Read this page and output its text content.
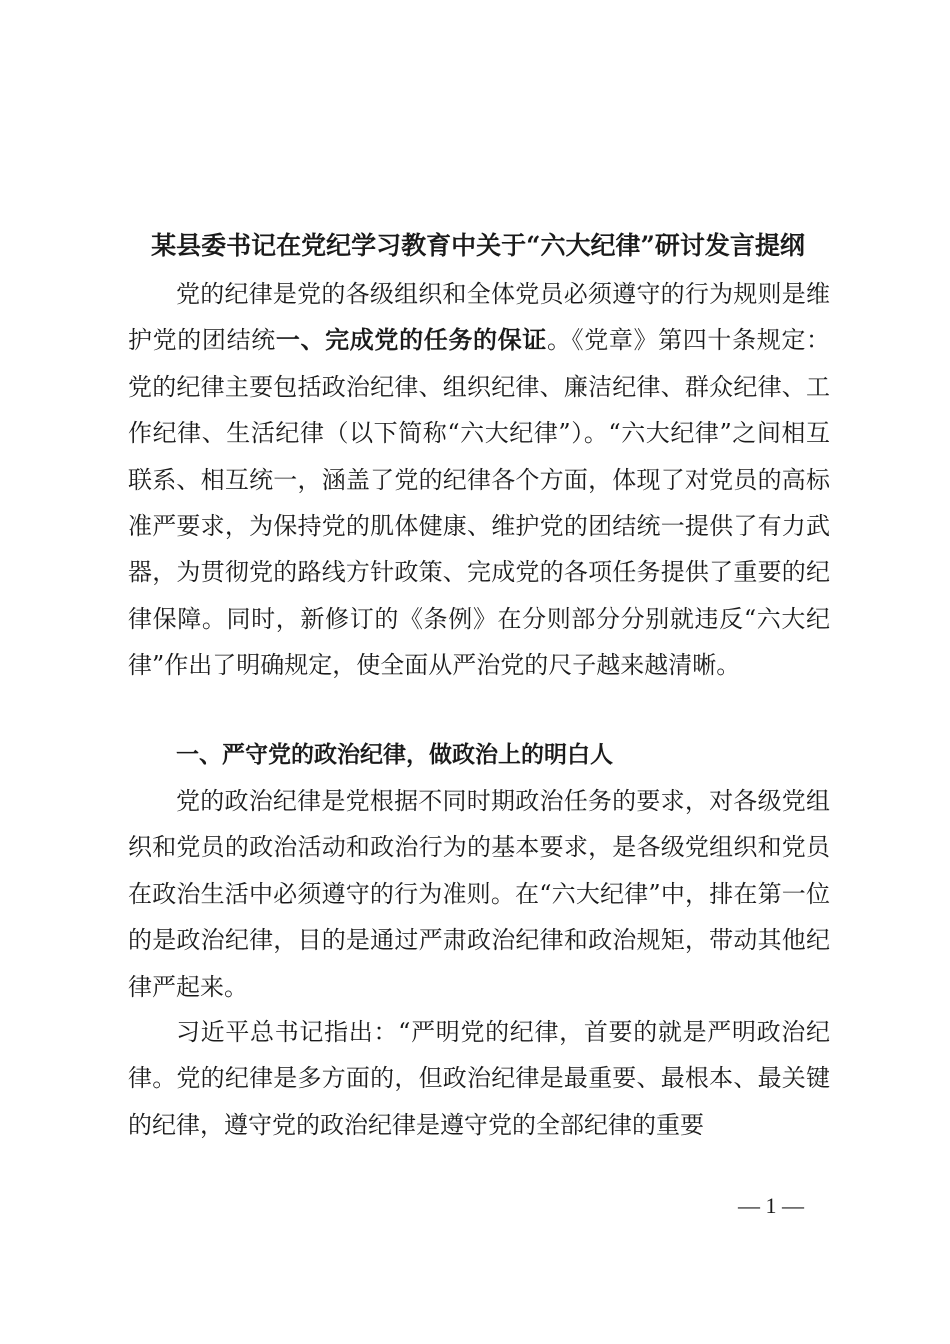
某县委书记在党纪学习教育中关于“六大纪律”研讨发言提纲

党的纪律是党的各级组织和全体党员必须遵守的行为规则是维护党的团结统一、完成党的任务的保证。《党章》第四十条规定：党的纪律主要包括政治纪律、组织纪律、廉洁纪律、群众纪律、工作纪律、生活纪律（以下简称“六大纪律”）。“六大纪律”之间相互联系、相互统一，涵盖了党的纪律各个方面，体现了对党员的高标准严要求，为保持党的肌体健康、维护党的团结统一提供了有力武器，为贯彻党的路线方针政策、完成党的各项任务提供了重要的纪律保障。同时，新修订的《条例》在分则部分分别就违反“六大纪律”作出了明确规定，使全面从严治党的尺子越来越清晰。

一、严守党的政治纪律，做政治上的明白人

党的政治纪律是党根据不同时期政治任务的要求，对各级党组织和党员的政治活动和政治行为的基本要求，是各级党组织和党员在政治生活中必须遵守的行为准则。在“六大纪律”中，排在第一位的是政治纪律，目的是通过严肃政治纪律和政治规矩，带动其他纪律严起来。

习近平总书记指出：“严明党的纪律，首要的就是严明政治纪律。党的纪律是多方面的，但政治纪律是最重要、最根本、最关键的纪律，遵守党的政治纪律是遵守党的全部纪律的重要

— 1 —
